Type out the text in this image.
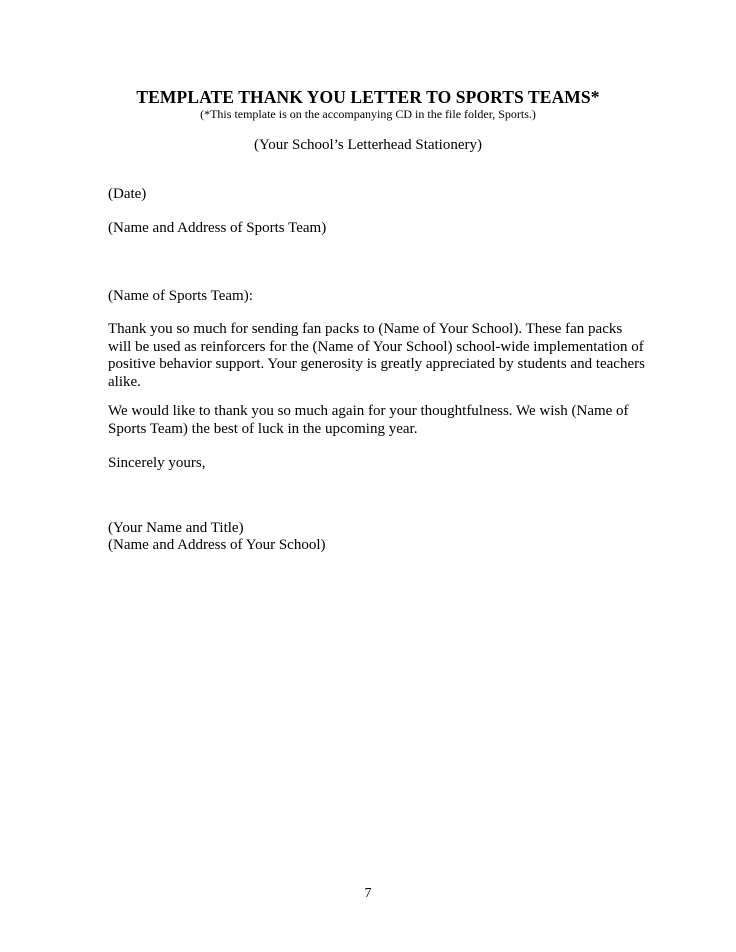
TEMPLATE THANK YOU LETTER TO SPORTS TEAMS*
(*This template is on the accompanying CD in the file folder, Sports.)
(Your School’s Letterhead Stationery)
(Date)
(Name and Address of Sports Team)
(Name of Sports Team):
Thank you so much for sending fan packs to (Name of Your School). These fan packs
will be used as reinforcers for the (Name of Your School) school-wide implementation of
positive behavior support. Your generosity is greatly appreciated by students and teachers
alike.
We would like to thank you so much again for your thoughtfulness. We wish (Name of
Sports Team) the best of luck in the upcoming year.
Sincerely yours,
(Your Name and Title)
(Name and Address of Your School)
7
